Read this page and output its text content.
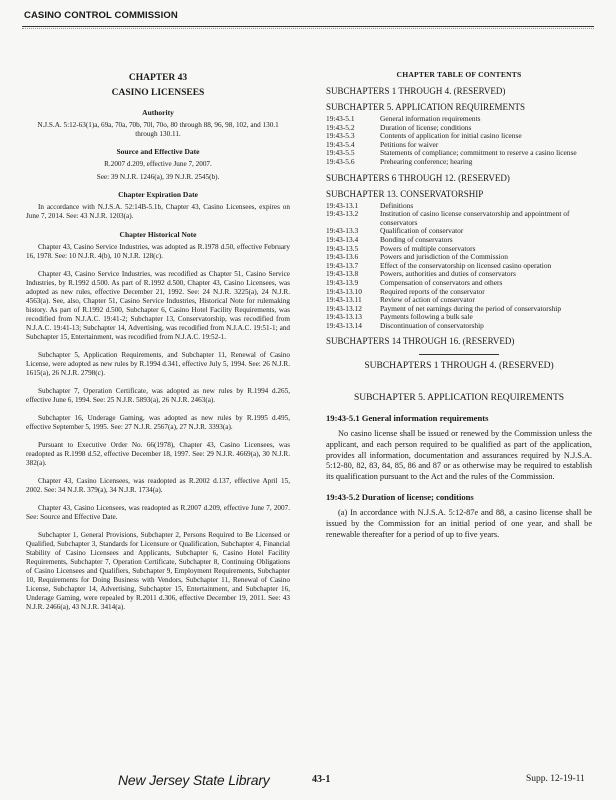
CASINO CONTROL COMMISSION
CHAPTER 43
CASINO LICENSEES
Authority
N.J.S.A. 5:12-63(1)a, 69a, 70a, 70b, 70l, 70o, 80 through 88, 96, 98, 102, and 130.1 through 130.11.
Source and Effective Date
R.2007 d.209, effective June 7, 2007.
See: 39 N.J.R. 1246(a), 39 N.J.R. 2545(b).
Chapter Expiration Date
In accordance with N.J.S.A. 52:14B-5.1b, Chapter 43, Casino Licensees, expires on June 7, 2014. See: 43 N.J.R. 1203(a).
Chapter Historical Note
Chapter 43, Casino Service Industries, was adopted as R.1978 d.50, effective February 16, 1978. See: 10 N.J.R. 4(b), 10 N.J.R. 128(c).
Chapter 43, Casino Service Industries, was recodified as Chapter 51, Casino Service Industries, by R.1992 d.500. As part of R.1992 d.500, Chapter 43, Casino Licensees, was adopted as new rules, effective December 21, 1992. See: 24 N.J.R. 3225(a), 24 N.J.R. 4563(a). See, also, Chapter 51, Casino Service Industries, Historical Note for rulemaking history. As part of R.1992 d.500, Subchapter 6, Casino Hotel Facility Requirements, was recodified from N.J.A.C. 19:41-2; Subchapter 13, Conservatorship, was recodified from N.J.A.C. 19:41-13; Subchapter 14, Advertising, was recodified from N.J.A.C. 19:51-1; and Subchapter 15, Entertainment, was recodified from N.J.A.C. 19:52-1.
Subchapter 5, Application Requirements, and Subchapter 11, Renewal of Casino License, were adopted as new rules by R.1994 d.341, effective July 5, 1994. See: 26 N.J.R. 1615(a), 26 N.J.R. 2798(c).
Subchapter 7, Operation Certificate, was adopted as new rules by R.1994 d.265, effective June 6, 1994. See: 25 N.J.R. 5893(a), 26 N.J.R. 2463(a).
Subchapter 16, Underage Gaming, was adopted as new rules by R.1995 d.495, effective September 5, 1995. See: 27 N.J.R. 2567(a), 27 N.J.R. 3393(a).
Pursuant to Executive Order No. 66(1978), Chapter 43, Casino Licensees, was readopted as R.1998 d.52, effective December 18, 1997. See: 29 N.J.R. 4669(a), 30 N.J.R. 382(a).
Chapter 43, Casino Licensees, was readopted as R.2002 d.137, effective April 15, 2002. See: 34 N.J.R. 379(a), 34 N.J.R. 1734(a).
Chapter 43, Casino Licensees, was readopted as R.2007 d.209, effective June 7, 2007. See: Source and Effective Date.
Subchapter 1, General Provisions, Subchapter 2, Persons Required to Be Licensed or Qualified, Subchapter 3, Standards for Licensure or Qualification, Subchapter 4, Financial Stability of Casino Licensees and Applicants, Subchapter 6, Casino Hotel Facility Requirements, Subchapter 7, Operation Certificate, Subchapter 8, Continuing Obligations of Casino Licensees and Qualifiers, Subchapter 9, Employment Requirements, Subchapter 10, Requirements for Doing Business with Vendors, Subchapter 11, Renewal of Casino License, Subchapter 14, Advertising, Subchapter 15, Entertainment, and Subchapter 16, Underage Gaming, were repealed by R.2011 d.306, effective December 19, 2011. See: 43 N.J.R. 2466(a), 43 N.J.R. 3414(a).
CHAPTER TABLE OF CONTENTS
SUBCHAPTERS 1 THROUGH 4. (RESERVED)
SUBCHAPTER 5. APPLICATION REQUIREMENTS
19:43-5.1	General information requirements
19:43-5.2	Duration of license; conditions
19:43-5.3	Contents of application for initial casino license
19:43-5.4	Petitions for waiver
19:43-5.5	Statements of compliance; commitment to reserve a casino license
19:43-5.6	Prehearing conference; hearing
SUBCHAPTERS 6 THROUGH 12. (RESERVED)
SUBCHAPTER 13. CONSERVATORSHIP
19:43-13.1	Definitions
19:43-13.2	Institution of casino license conservatorship and appointment of conservators
19:43-13.3	Qualification of conservator
19:43-13.4	Bonding of conservators
19:43-13.5	Powers of multiple conservators
19:43-13.6	Powers and jurisdiction of the Commission
19:43-13.7	Effect of the conservatorship on licensed casino operation
19:43-13.8	Powers, authorities and duties of conservators
19:43-13.9	Compensation of conservators and others
19:43-13.10	Required reports of the conservator
19:43-13.11	Review of action of conservator
19:43-13.12	Payment of net earnings during the period of conservatorship
19:43-13.13	Payments following a bulk sale
19:43-13.14	Discontinuation of conservatorship
SUBCHAPTERS 14 THROUGH 16. (RESERVED)
SUBCHAPTERS 1 THROUGH 4. (RESERVED)
SUBCHAPTER 5. APPLICATION REQUIREMENTS
19:43-5.1 General information requirements
No casino license shall be issued or renewed by the Commission unless the applicant, and each person required to be qualified as part of the application, provides all information, documentation and assurances required by N.J.S.A. 5:12-80, 82, 83, 84, 85, 86 and 87 or as otherwise may be required to establish its qualification pursuant to the Act and the rules of the Commission.
19:43-5.2 Duration of license; conditions
(a) In accordance with N.J.S.A. 5:12-87e and 88, a casino license shall be issued by the Commission for an initial period of one year, and shall be renewable thereafter for a period of up to five years.
New Jersey State Library	43-1	Supp. 12-19-11
